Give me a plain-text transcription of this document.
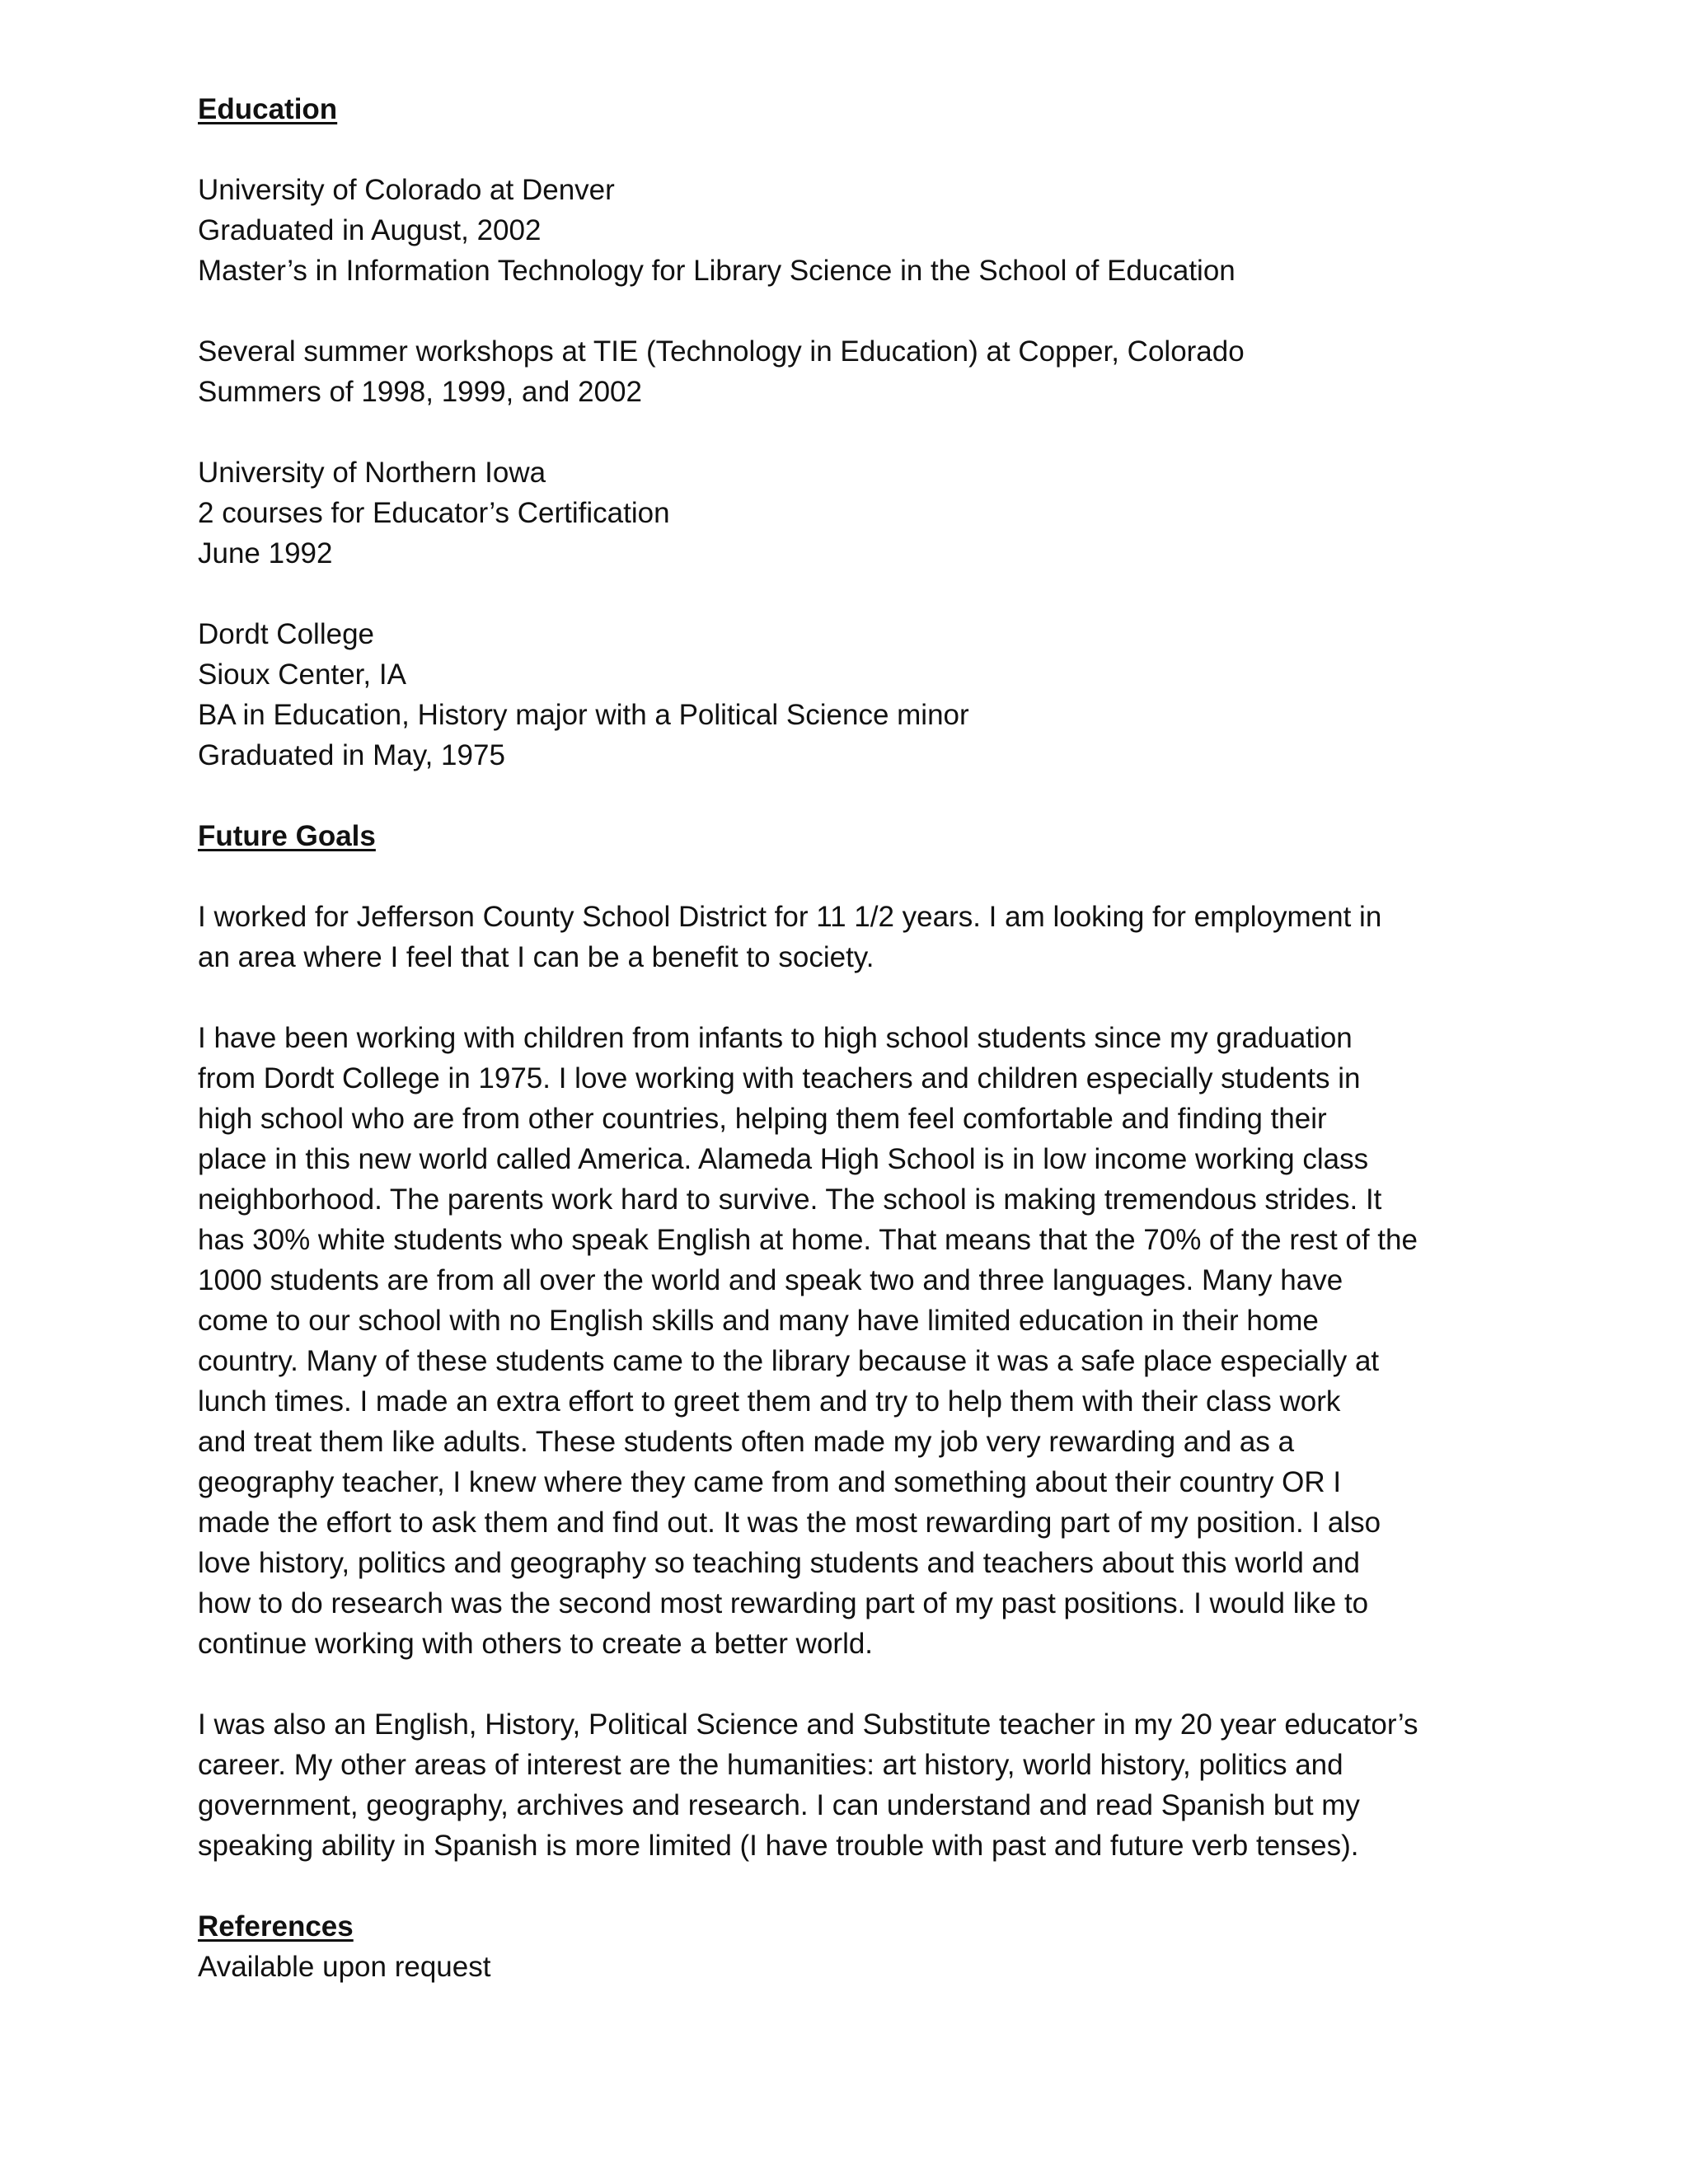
Education
University of Colorado at Denver
Graduated in August, 2002
Master’s in Information Technology for Library Science in the School of Education
Several summer workshops at TIE (Technology in Education) at Copper, Colorado
Summers of 1998, 1999, and 2002
University of Northern Iowa
2 courses for Educator’s Certification
June 1992
Dordt College
Sioux Center, IA
BA in Education, History major with a Political Science minor
Graduated in May, 1975
Future Goals
I worked for Jefferson County School District for 11 1/2 years. I am looking for employment in
an area where I feel that I can be a benefit to society.
I have been working with children from infants to high school students since my graduation
from Dordt College in 1975. I love working with teachers and children especially students in
high school who are from other countries, helping them feel comfortable and finding their
place in this new world called America. Alameda High School is in low income working class
neighborhood. The parents work hard to survive. The school is making tremendous strides. It
has 30% white students who speak English at home. That means that the 70% of the rest of the
1000 students are from all over the world and speak two and three languages. Many have
come to our school with no English skills and many have limited education in their home
country. Many of these students came to the library because it was a safe place especially at
lunch times. I made an extra effort to greet them and try to help them with their class work
and treat them like adults. These students often made my job very rewarding and as a
geography teacher, I knew where they came from and something about their country OR I
made the effort to ask them and find out. It was the most rewarding part of my position. I also
love history, politics and geography so teaching students and teachers about this world and
how to do research was the second most rewarding part of my past positions. I would like to
continue working with others to create a better world.
I was also an English, History, Political Science and Substitute teacher in my 20 year educator’s
career. My other areas of interest are the humanities: art history, world history, politics and
government, geography, archives and research. I can understand and read Spanish but my
speaking ability in Spanish is more limited (I have trouble with past and future verb tenses).
References
Available upon request
